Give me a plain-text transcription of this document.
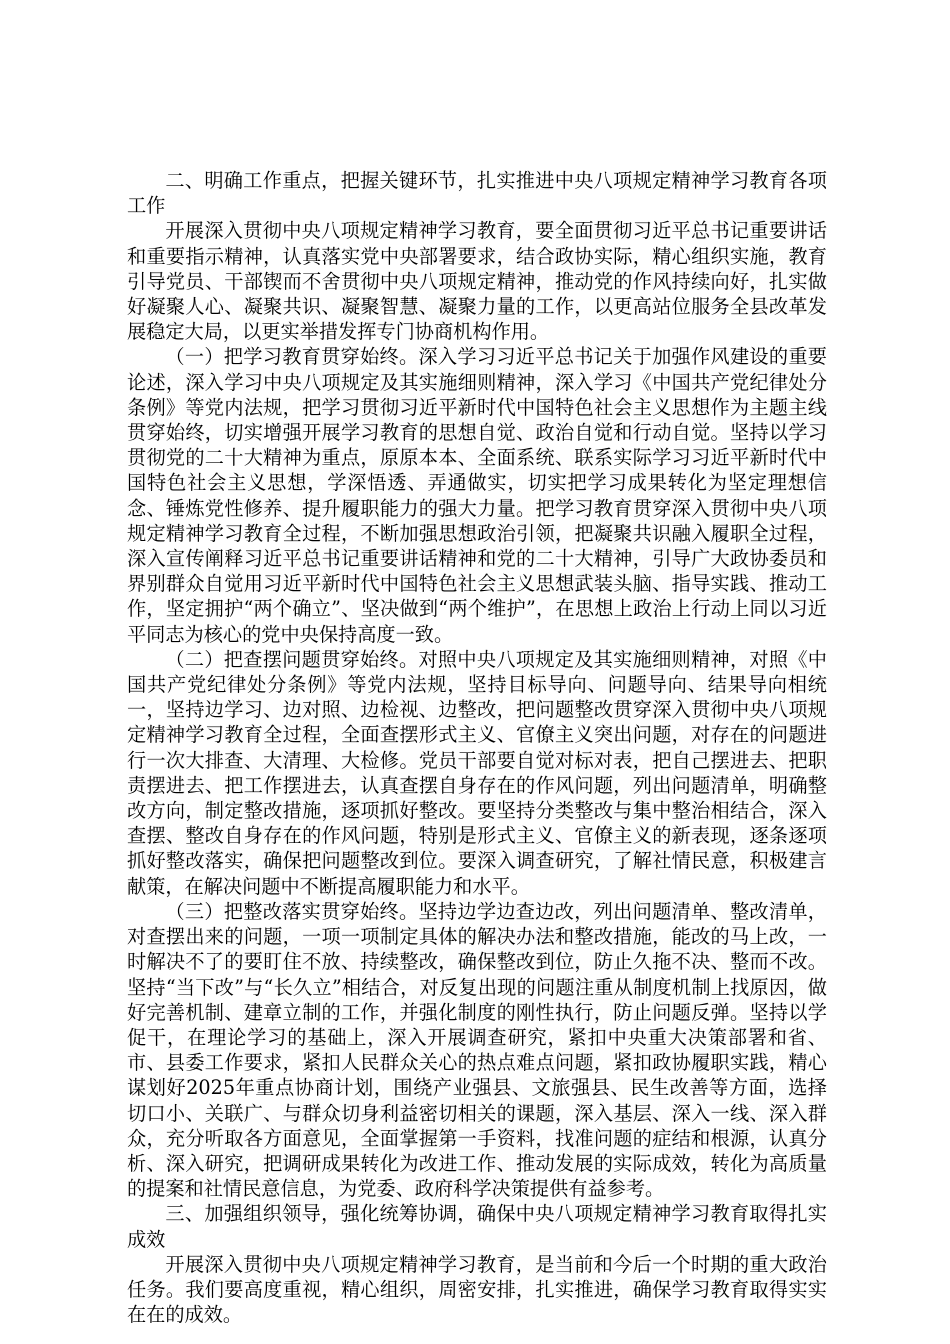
二、明确工作重点，把握关键环节，扎实推进中央八项规定精神学习教育各项工作

开展深入贯彻中央八项规定精神学习教育，要全面贯彻习近平总书记重要讲话和重要指示精神，认真落实党中央部署要求，结合政协实际，精心组织实施，教育引导党员、干部锲而不舍贯彻中央八项规定精神，推动党的作风持续向好，扎实做好凝聚人心、凝聚共识、凝聚智慧、凝聚力量的工作，以更高站位服务全县改革发展稳定大局，以更实举措发挥专门协商机构作用。

（一）把学习教育贯穿始终。深入学习习近平总书记关于加强作风建设的重要论述，深入学习中央八项规定及其实施细则精神，深入学习《中国共产党纪律处分条例》等党内法规，把学习贯彻习近平新时代中国特色社会主义思想作为主题主线贯穿始终，切实增强开展学习教育的思想自觉、政治自觉和行动自觉。坚持以学习贯彻党的二十大精神为重点，原原本本、全面系统、联系实际学习习近平新时代中国特色社会主义思想，学深悟透、弄通做实，切实把学习成果转化为坚定理想信念、锤炼党性修养、提升履职能力的强大力量。把学习教育贯穿深入贯彻中央八项规定精神学习教育全过程，不断加强思想政治引领，把凝聚共识融入履职全过程，深入宣传阐释习近平总书记重要讲话精神和党的二十大精神，引导广大政协委员和界别群众自觉用习近平新时代中国特色社会主义思想武装头脑、指导实践、推动工作，坚定拥护“两个确立”、坚决做到“两个维护”，在思想上政治上行动上同以习近平同志为核心的党中央保持高度一致。

（二）把查摆问题贯穿始终。对照中央八项规定及其实施细则精神，对照《中国共产党纪律处分条例》等党内法规，坚持目标导向、问题导向、结果导向相统一，坚持边学习、边对照、边检视、边整改，把问题整改贯穿深入贯彻中央八项规定精神学习教育全过程，全面查摆形式主义、官僚主义突出问题，对存在的问题进行一次大排查、大清理、大检修。党员干部要自觉对标对表，把自己摆进去、把职责摆进去、把工作摆进去，认真查摆自身存在的作风问题，列出问题清单，明确整改方向，制定整改措施，逐项抓好整改。要坚持分类整改与集中整治相结合，深入查摆、整改自身存在的作风问题，特别是形式主义、官僚主义的新表现，逐条逐项抓好整改落实，确保把问题整改到位。要深入调查研究，了解社情民意，积极建言献策，在解决问题中不断提高履职能力和水平。

（三）把整改落实贯穿始终。坚持边学边查边改，列出问题清单、整改清单，对查摆出来的问题，一项一项制定具体的解决办法和整改措施，能改的马上改，一时解决不了的要盯住不放、持续整改，确保整改到位，防止久拖不决、整而不改。坚持“当下改”与“长久立”相结合，对反复出现的问题注重从制度机制上找原因，做好完善机制、建章立制的工作，并强化制度的刚性执行，防止问题反弹。坚持以学促干，在理论学习的基础上，深入开展调查研究，紧扣中央重大决策部署和省、市、县委工作要求，紧扣人民群众关心的热点难点问题，紧扣政协履职实践，精心谋划好2025年重点协商计划，围绕产业强县、文旅强县、民生改善等方面，选择切口小、关联广、与群众切身利益密切相关的课题，深入基层、深入一线、深入群众，充分听取各方面意见，全面掌握第一手资料，找准问题的症结和根源，认真分析、深入研究，把调研成果转化为改进工作、推动发展的实际成效，转化为高质量的提案和社情民意信息，为党委、政府科学决策提供有益参考。

三、加强组织领导，强化统筹协调，确保中央八项规定精神学习教育取得扎实成效

开展深入贯彻中央八项规定精神学习教育，是当前和今后一个时期的重大政治任务。我们要高度重视，精心组织，周密安排，扎实推进，确保学习教育取得实实在在的成效。
